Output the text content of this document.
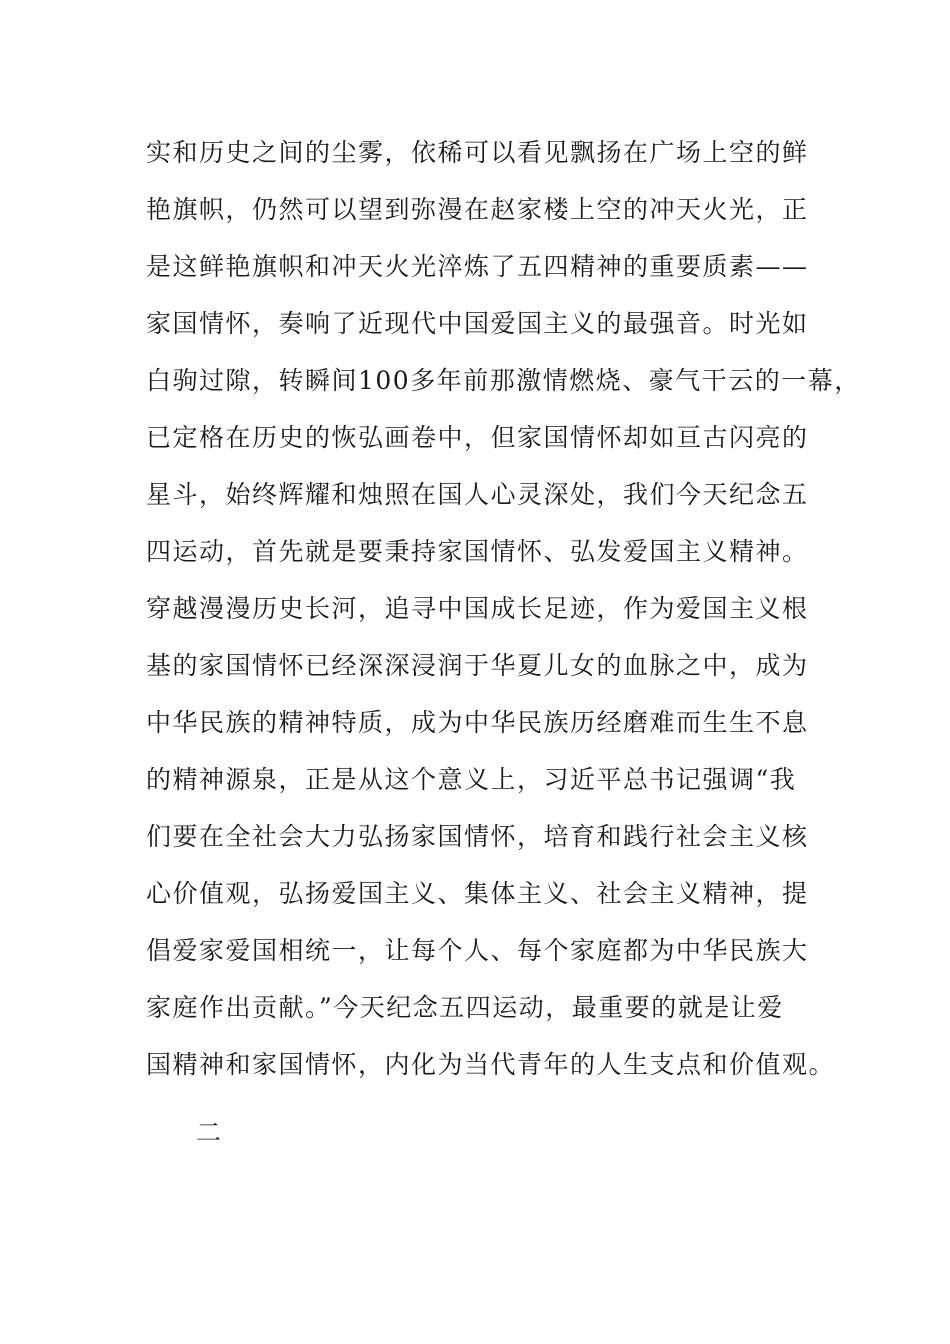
实和历史之间的尘雾，依稀可以看见飘扬在广场上空的鲜
艳旗帜，仍然可以望到弥漫在赵家楼上空的冲天火光，正
是这鲜艳旗帜和冲天火光淬炼了五四精神的重要质素——
家国情怀，奏响了近现代中国爱国主义的最强音。时光如
白驹过隙，转瞬间100多年前那激情燃烧、豪气干云的一幕，
已定格在历史的恢弘画卷中，但家国情怀却如亘古闪亮的
星斗，始终辉耀和烛照在国人心灵深处，我们今天纪念五
四运动，首先就是要秉持家国情怀、弘发爱国主义精神。
穿越漫漫历史长河，追寻中国成长足迹，作为爱国主义根
基的家国情怀已经深深浸润于华夏儿女的血脉之中，成为
中华民族的精神特质，成为中华民族历经磨难而生生不息
的精神源泉，正是从这个意义上，习近平总书记强调“我
们要在全社会大力弘扬家国情怀，培育和践行社会主义核
心价值观，弘扬爱国主义、集体主义、社会主义精神，提
倡爱家爱国相统一，让每个人、每个家庭都为中华民族大
家庭作出贡献。”今天纪念五四运动，最重要的就是让爱
国精神和家国情怀，内化为当代青年的人生支点和价值观。
二
